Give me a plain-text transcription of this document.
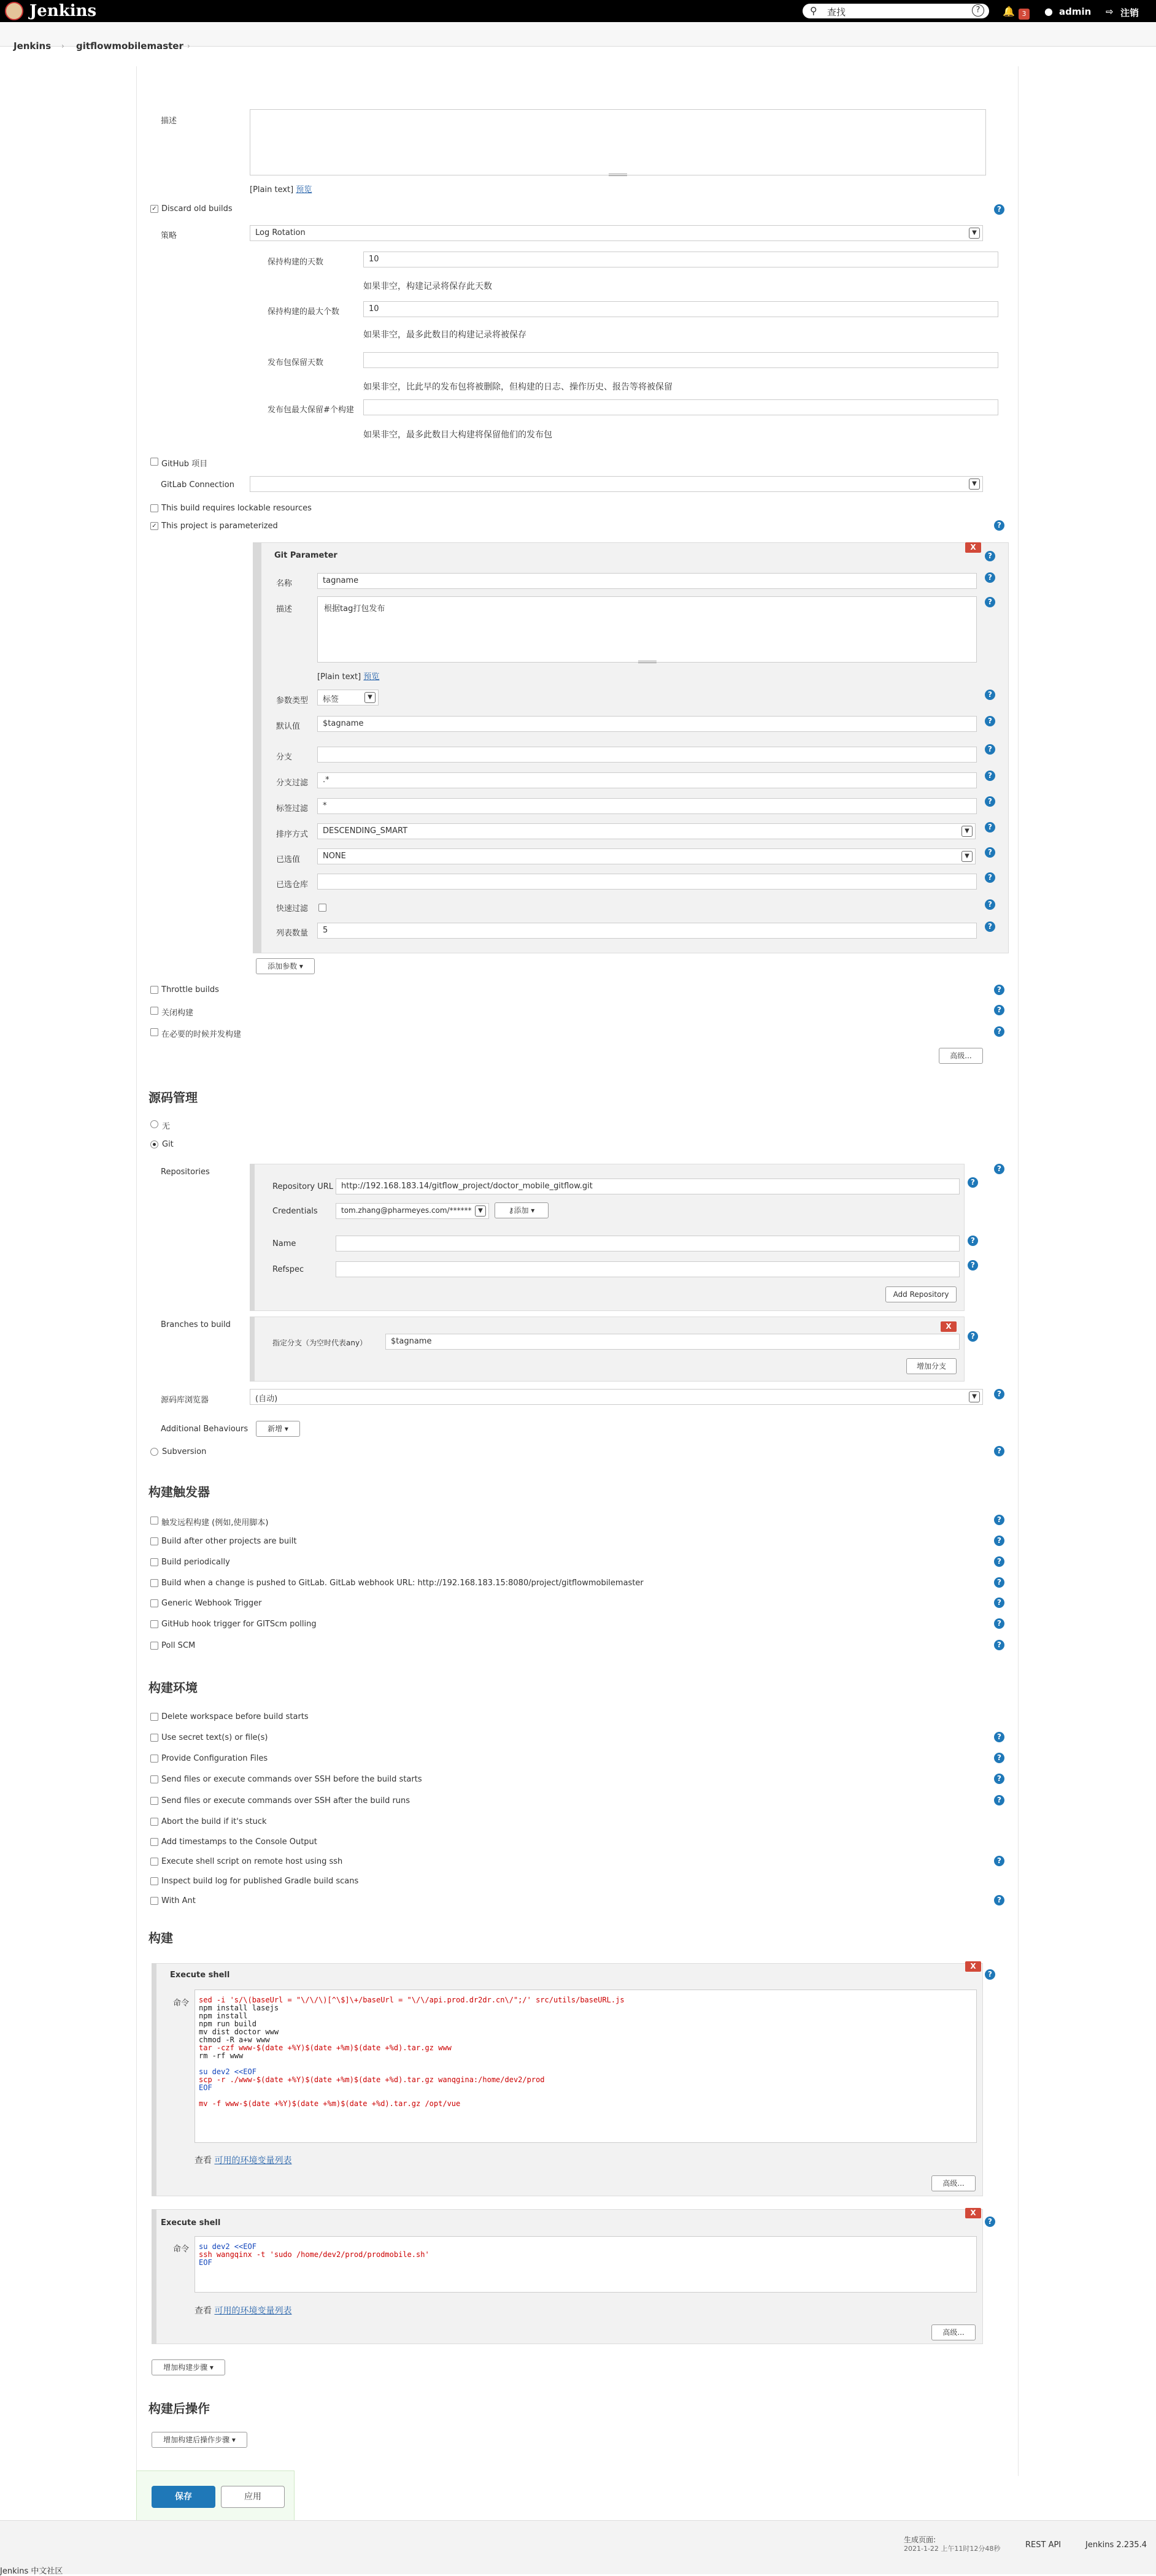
Jenkins	⚲ 查找	?	🔔	3	● admin ⇨ 注销
Jenkins › gitflowmobilemaster ›
描述
[Plain text] 预览
✓ Discard old builds	?
策略	Log Rotation	▼
保持构建的天数	10
如果非空，构建记录将保存此天数
保持构建的最大个数	10
如果非空，最多此数目的构建记录将被保存
发布包保留天数
如果非空，比此早的发布包将被删除，但构建的日志、操作历史、报告等将被保留
发布包最大保留#个构建
如果非空，最多此数目大构建将保留他们的发布包
GitHub 项目
GitLab Connection	▼
This build requires lockable resources
✓ This project is parameterized	?
Git Parameter
X
?
名称	tagname	?
描述	根据tag打包发布
?
[Plain text] 预览
参数类型	标签	▼	?
默认值	$tagname	?
分支
?
分支过滤	.*	?
标签过滤	*	?
排序方式	DESCENDING_SMART	▼	?
已选值	NONE	▼	?
已选仓库
?
快速过滤	?
列表数量	5	?
添加参数 ▾
Throttle builds	?
关闭构建	?
在必要的时候并发构建	?
高级...
源码管理
无
Git
?
Repositories
Repository URL http://192.168.183.14/gitflow_project/doctor_mobile_gitflow.git	?
Credentials	tom.zhang@pharmeyes.com/******	▼	⚷添加 ▾
Name	?
Refspec	?
Add Repository
Branches to build	X
指定分支（为空时代表any）	$tagname
?
增加分支
源码库浏览器	(自动)	▼	?
Additional Behaviours	新增 ▾
Subversion	?
构建触发器
构建环境
构建
Execute shell
X
?
命令 sed -i 's/\(baseUrl = "\/\/\)[^\$]\+/baseUrl = "\/\/api.prod.dr2dr.cn\/";/' src/utils/baseURL.js
npm install lasejs
npm install
npm run build
mv dist doctor www
chmod -R a+w www
tar -czf www-$(date +%Y)$(date +%m)$(date +%d).tar.gz www
rm -rf www
su dev2 <<EOF
scp -r ./www-$(date +%Y)$(date +%m)$(date +%d).tar.gz wanqgina:/home/dev2/prod
EOF
mv -f www-$(date +%Y)$(date +%m)$(date +%d).tar.gz /opt/vue
查看 可用的环境变量列表
高级...
Execute shell
X
?
命令 su dev2 <<EOF
ssh wangqinx -t 'sudo /home/dev2/prod/prodmobile.sh'
EOF
查看 可用的环境变量列表
高级...
增加构建步骤 ▾
构建后操作
增加构建后操作步骤 ▾
保存	应用
生成页面:
2021-1-22 上午11时12分48秒	REST API	Jenkins 2.235.4
Jenkins 中文社区
触发远程构建 (例如,使用脚本)	?
Build after other projects are built	?
Build periodically	?
Build when a change is pushed to GitLab. GitLab webhook URL: http://192.168.183.15:8080/project/gitflowmobilemaster	?
Generic Webhook Trigger	?
GitHub hook trigger for GITScm polling	?
Poll SCM	?
Delete workspace before build starts
Use secret text(s) or file(s)	?
Provide Configuration Files	?
Send files or execute commands over SSH before the build starts	?
Send files or execute commands over SSH after the build runs	?
Abort the build if it's stuck
Add timestamps to the Console Output
Execute shell script on remote host using ssh	?
Inspect build log for published Gradle build scans
With Ant	?
